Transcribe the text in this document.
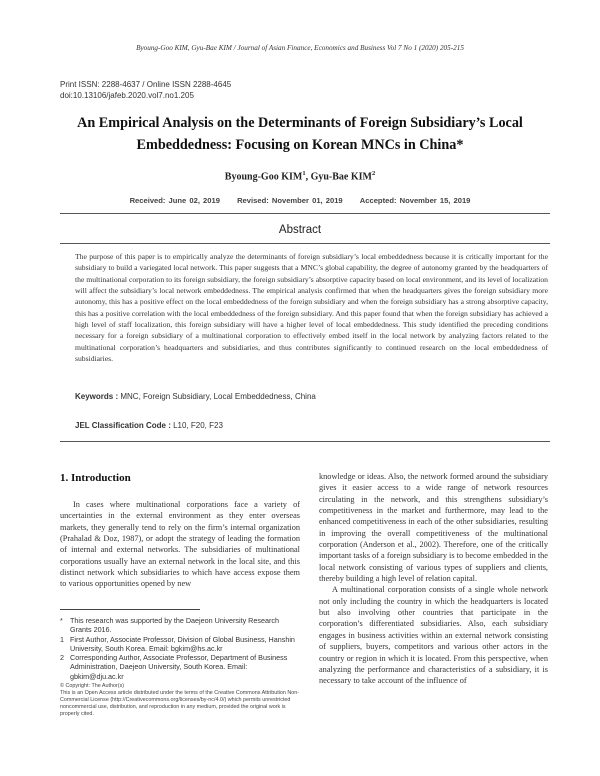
Byoung-Goo KIM, Gyu-Bae KIM / Journal of Asian Finance, Economics and Business Vol 7 No 1 (2020) 205-215
Print ISSN: 2288-4637 / Online ISSN 2288-4645
doi:10.13106/jafeb.2020.vol7.no1.205
An Empirical Analysis on the Determinants of Foreign Subsidiary’s Local
Embeddedness: Focusing on Korean MNCs in China*
Byoung-Goo KIM$^1$, Gyu-Bae KIM$^2$
Received: June 02, 2019 Revised: November 01, 2019 Accepted: November 15, 2019
Abstract
The purpose of this paper is to empirically analyze the determinants of foreign subsidiary’s local embeddedness because it is critically important for the subsidiary to build a variegated local network. This paper suggests that a MNC’s global capability, the degree of autonomy granted by the headquarters of the multinational corporation to its foreign subsidiary, the foreign subsidiary’s absorptive capacity based on local environment, and its level of localization will affect the subsidiary’s local network embeddedness. The empirical analysis confirmed that when the headquarters gives the foreign subsidiary more autonomy, this has a positive effect on the local embeddedness of the foreign subsidiary and when the foreign subsidiary has a strong absorptive capacity, this has a positive correlation with the local embeddedness of the foreign subsidiary. And this paper found that when the foreign subsidiary has achieved a high level of staff localization, this foreign subsidiary will have a higher level of local embeddedness. This study identified the preceding conditions necessary for a foreign subsidiary of a multinational corporation to effectively embed itself in the local network by analyzing factors related to the multinational corporation’s headquarters and subsidiaries, and thus contributes significantly to continued research on the local embeddedness of subsidiaries.
Keywords : MNC, Foreign Subsidiary, Local Embeddedness, China
JEL Classification Code : L10, F20, F23
1. Introduction

In cases where multinational corporations face a variety of uncertainties in the external environment as they enter overseas markets, they generally tend to rely on the firm’s internal organization (Prahalad & Doz, 1987), or adopt the strategy of leading the formation of internal and external networks. The subsidiaries of multinational corporations usually have an external network in the local site, and this distinct network which subsidiaries to which have access expose them to various opportunities opened by new

knowledge or ideas. Also, the network formed around the subsidiary gives it easier access to a wide range of network resources circulating in the network, and this strengthens subsidiary’s competitiveness in the market and furthermore, may lead to the enhanced competitiveness in each of the other subsidiaries, resulting in improving the overall competitiveness of the multinational corporation (Anderson et al., 2002). Therefore, one of the critically important tasks of a foreign subsidiary is to become embedded in the local network consisting of various types of suppliers and clients, thereby building a high level of relation capital.

A multinational corporation consists of a single whole network not only including the country in which the headquarters is located but also involving other countries that participate in the corporation’s differentiated subsidiaries. Also, each subsidiary engages in business activities within an external network consisting of suppliers, buyers, competitors and various other actors in the country or region in which it is located. From this perspective, when analyzing the performance and characteristics of a subsidiary, it is necessary to take account of the influence of

* This research was supported by the Daejeon University Research Grants 2016.
1 First Author, Associate Professor, Division of Global Business, Hanshin University, South Korea. Email: bgkim@hs.ac.kr
2 Corresponding Author, Associate Professor, Department of Business Administration, Daejeon University, South Korea. Email: gbkim@dju.ac.kr
© Copyright: The Author(s)
This is an Open Access article distributed under the terms of the Creative Commons Attribution Non-Commercial License (http://Creativecommons.org/licenses/by-nc/4.0/) which permits unrestricted noncommercial use, distribution, and reproduction in any medium, provided the original work is properly cited.
